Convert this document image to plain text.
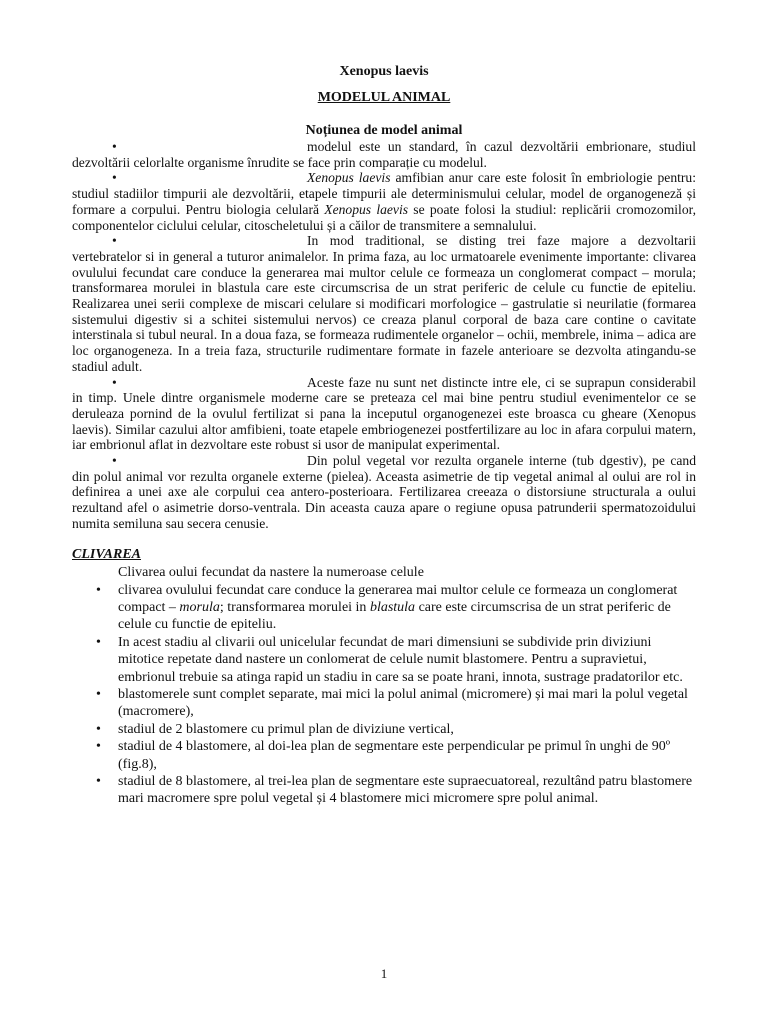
Xenopus laevis
MODELUL ANIMAL
Noțiunea de model animal
•	modelul este un standard, în cazul dezvoltării embrionare, studiul dezvoltării celorlalte organisme înrudite se face prin comparație cu modelul.
•	Xenopus laevis amfibian anur care este folosit în embriologie pentru: studiul stadiilor timpurii ale dezvoltării, etapele timpurii ale determinismului celular, model de organogeneză și formare a corpului. Pentru biologia celulară Xenopus laevis se poate folosi la studiul: replicării cromozomilor, componentelor ciclului celular, citoscheletului și a căilor de transmitere a semnalului.
•	In mod traditional, se disting trei faze majore a dezvoltarii vertebratelor si in general a tuturor animalelor. In prima faza, au loc urmatoarele evenimente importante: clivarea ovulului fecundat care conduce la generarea mai multor celule ce formeaza un conglomerat compact – morula; transformarea morulei in blastula care este circumscrisa de un strat periferic de celule cu functie de epiteliu. Realizarea unei serii complexe de miscari celulare si modificari morfologice – gastrulatie si neurilatie (formarea sistemului digestiv si a schitei sistemului nervos) ce creaza planul corporal de baza care contine o cavitate interstinala si tubul neural. In a doua faza, se formeaza rudimentele organelor – ochii, membrele, inima – adica are loc organogeneza. In a treia faza, structurile rudimentare formate in fazele anterioare se dezvolta atingandu-se stadiul adult.
•	Aceste faze nu sunt net distincte intre ele, ci se suprapun considerabil in timp. Unele dintre organismele moderne care se preteaza cel mai bine pentru studiul evenimentelor ce se deruleaza pornind de la ovulul fertilizat si pana la inceputul organogenezei este broasca cu gheare (Xenopus laevis). Similar cazului altor amfibieni, toate etapele embriogenezei postfertilizare au loc in afara corpului matern, iar embrionul aflat in dezvoltare este robust si usor de manipulat experimental.
•	Din polul vegetal vor rezulta organele interne (tub dgestiv), pe cand din polul animal vor rezulta organele externe (pielea). Aceasta asimetrie de tip vegetal animal al oului are rol in definirea a unei axe ale corpului cea antero-posterioara. Fertilizarea creeaza o distorsiune structurala a oului rezultand afel o asimetrie dorso-ventrala. Din aceasta cauza apare o regiune opusa patrunderii spermatozoidului numita semiluna sau secera cenusie.
CLIVAREA
Clivarea oului fecundat da nastere la numeroase celule
• clivarea ovulului fecundat care conduce la generarea mai multor celule ce formeaza un conglomerat compact – morula; transformarea morulei in blastula care este circumscrisa de un strat periferic de celule cu functie de epiteliu.
• In acest stadiu al clivarii oul unicelular fecundat de mari dimensiuni se subdivide prin diviziuni mitotice repetate dand nastere un conlomerat de celule numit blastomere. Pentru a supravietui, embrionul trebuie sa atinga rapid un stadiu in care sa se poate hrani, innota, sustrage pradatorilor etc.
• blastomerele sunt complet separate, mai mici la polul animal (micromere) și mai mari la polul vegetal (macromere),
• stadiul de 2 blastomere cu primul plan de diviziune vertical,
• stadiul de 4 blastomere, al doi-lea plan de segmentare este perpendicular pe primul în unghi de 90º (fig.8),
• stadiul de 8 blastomere, al trei-lea plan de segmentare este supraecuatoreal, rezultând patru blastomere mari macromere spre polul vegetal și 4 blastomere mici micromere spre polul animal.
1
